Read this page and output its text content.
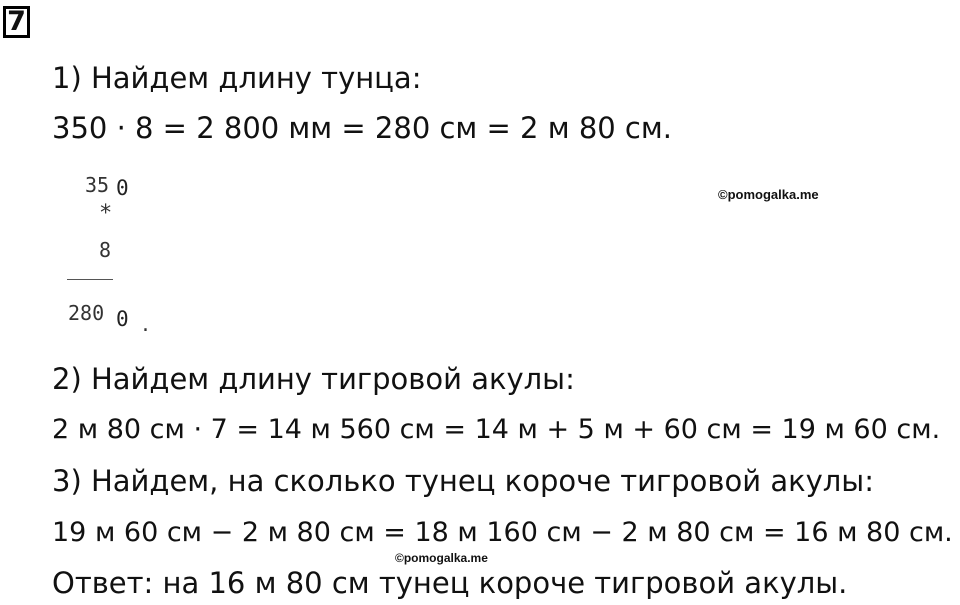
7
1) Найдем длину тунца:
350 · 8 = 2 800 мм = 280 см = 2 м 80 см.
35 0
*
8
280 0 .
©pomogalka.me
2) Найдем длину тигровой акулы:
2 м 80 см · 7 = 14 м 560 см = 14 м + 5 м + 60 см = 19 м 60 см.
3) Найдем, на сколько тунец короче тигровой акулы:
19 м 60 см − 2 м 80 см = 18 м 160 см − 2 м 80 см = 16 м 80 см.
©pomogalka.me
Ответ: на 16 м 80 см тунец короче тигровой акулы.
